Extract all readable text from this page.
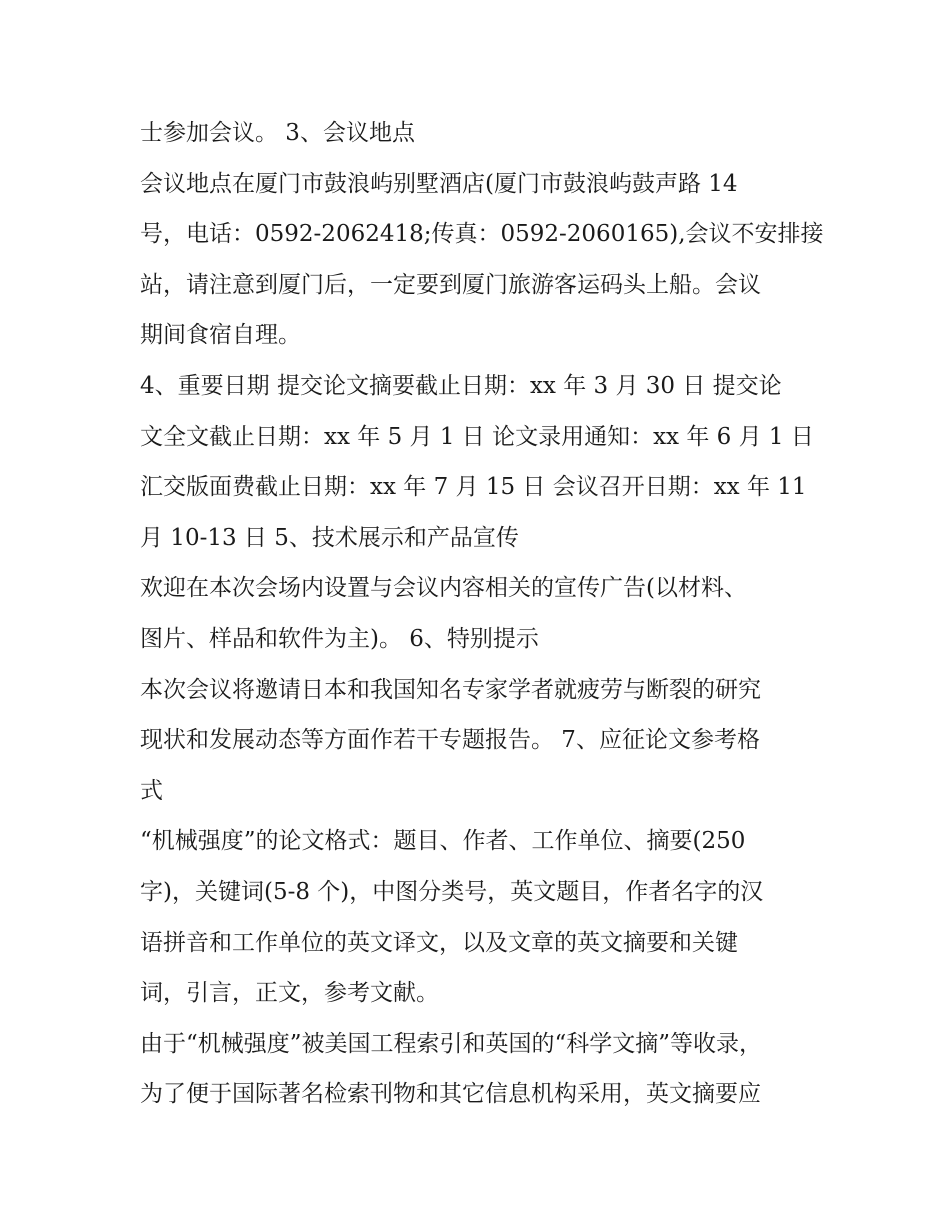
士参加会议。 3、会议地点
会议地点在厦门市鼓浪屿别墅酒店(厦门市鼓浪屿鼓声路 14
号，电话：0592-2062418;传真：0592-2060165),会议不安排接
站，请注意到厦门后，一定要到厦门旅游客运码头上船。会议
期间食宿自理。
4、重要日期 提交论文摘要截止日期：xx 年 3 月 30 日 提交论
文全文截止日期：xx 年 5 月 1 日 论文录用通知：xx 年 6 月 1 日
汇交版面费截止日期：xx 年 7 月 15 日 会议召开日期：xx 年 11
月 10-13 日 5、技术展示和产品宣传
欢迎在本次会场内设置与会议内容相关的宣传广告(以材料、
图片、样品和软件为主)。 6、特别提示
本次会议将邀请日本和我国知名专家学者就疲劳与断裂的研究
现状和发展动态等方面作若干专题报告。 7、应征论文参考格
式
“机械强度”的论文格式：题目、作者、工作单位、摘要(250
字)，关键词(5-8 个)，中图分类号，英文题目，作者名字的汉
语拼音和工作单位的英文译文，以及文章的英文摘要和关键
词，引言，正文，参考文献。
由于“机械强度”被美国工程索引和英国的“科学文摘”等收录，
为了便于国际著名检索刊物和其它信息机构采用，英文摘要应
